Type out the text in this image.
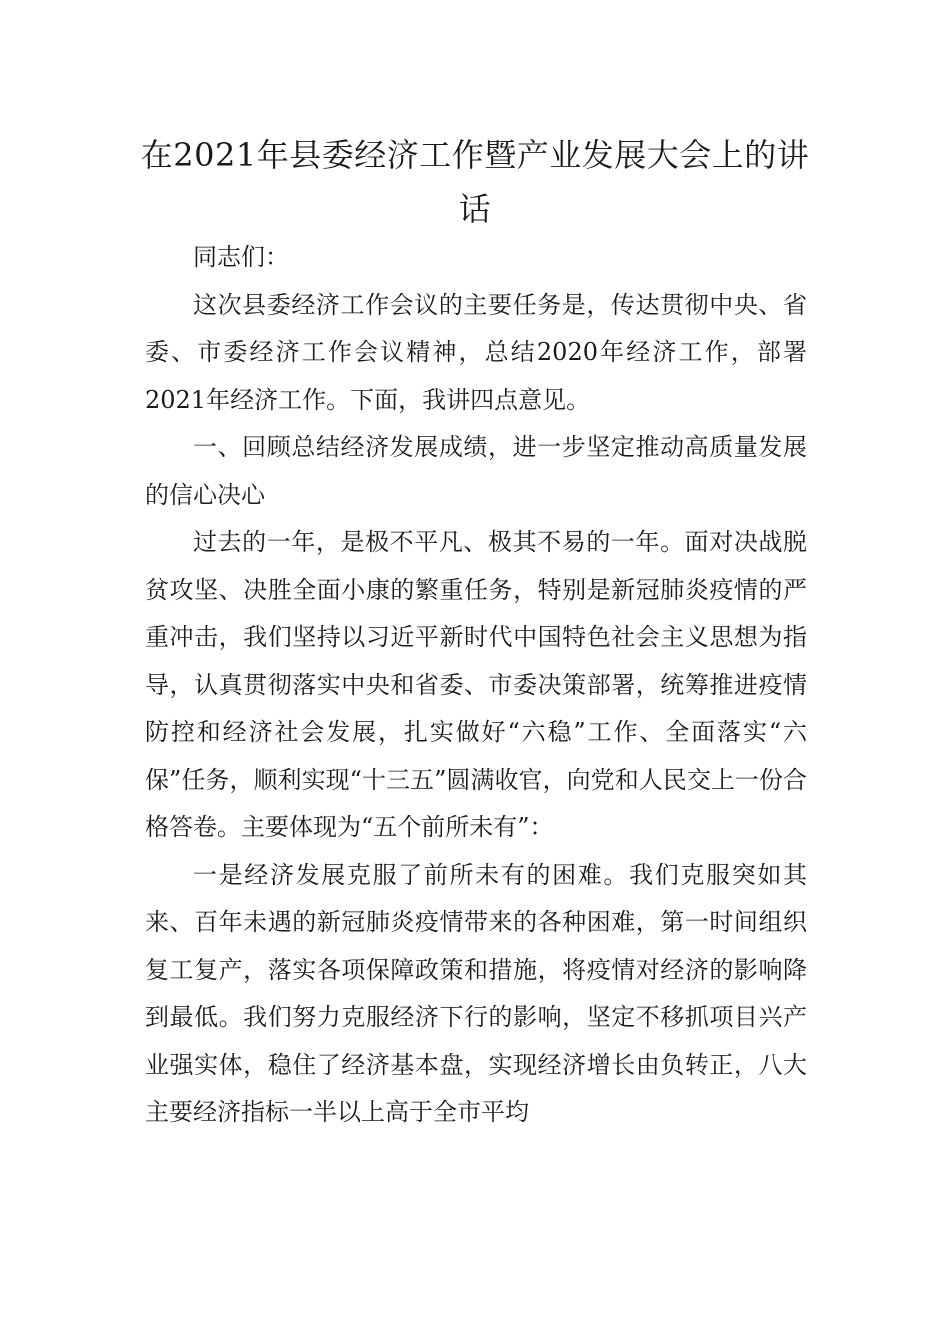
在2021年县委经济工作暨产业发展大会上的讲话

同志们：

这次县委经济工作会议的主要任务是，传达贯彻中央、省委、市委经济工作会议精神，总结2020年经济工作，部署2021年经济工作。下面，我讲四点意见。

一、回顾总结经济发展成绩，进一步坚定推动高质量发展的信心决心

过去的一年，是极不平凡、极其不易的一年。面对决战脱贫攻坚、决胜全面小康的繁重任务，特别是新冠肺炎疫情的严重冲击，我们坚持以习近平新时代中国特色社会主义思想为指导，认真贯彻落实中央和省委、市委决策部署，统筹推进疫情防控和经济社会发展，扎实做好“六稳”工作、全面落实“六保”任务，顺利实现“十三五”圆满收官，向党和人民交上一份合格答卷。主要体现为“五个前所未有”：

一是经济发展克服了前所未有的困难。我们克服突如其来、百年未遇的新冠肺炎疫情带来的各种困难，第一时间组织复工复产，落实各项保障政策和措施，将疫情对经济的影响降到最低。我们努力克服经济下行的影响，坚定不移抓项目兴产业强实体，稳住了经济基本盘，实现经济增长由负转正，八大主要经济指标一半以上高于全市平均
